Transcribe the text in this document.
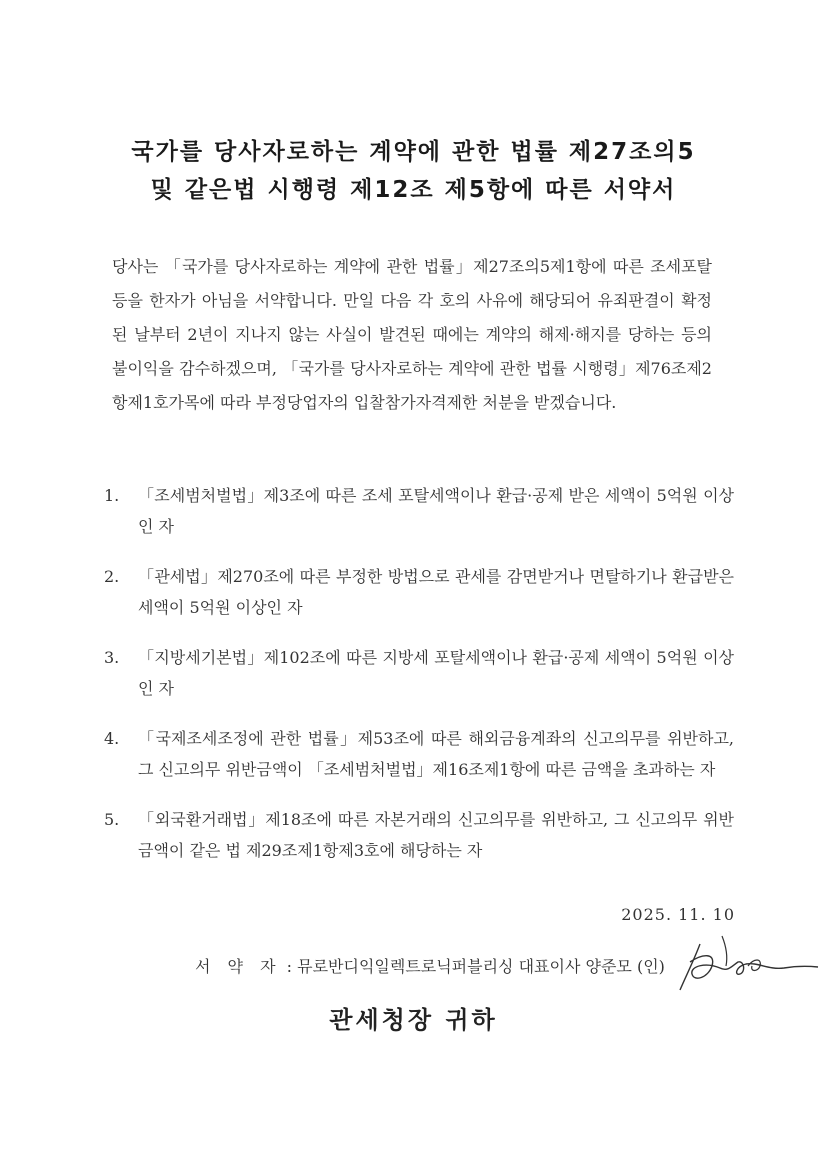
국가를 당사자로하는 계약에 관한 법률 제27조의5
및 같은법 시행령 제12조 제5항에 따른 서약서

당사는 「국가를 당사자로하는 계약에 관한 법률」제27조의5제1항에 따른 조세포탈등을 한자가 아님을 서약합니다. 만일 다음 각 호의 사유에 해당되어 유죄판결이 확정된 날부터 2년이 지나지 않는 사실이 발견된 때에는 계약의 해제·해지를 당하는 등의 불이익을 감수하겠으며, 「국가를 당사자로하는 계약에 관한 법률 시행령」제76조제2항제1호가목에 따라 부정당업자의 입찰참가자격제한 처분을 받겠습니다.

1.	「조세범처벌법」제3조에 따른 조세 포탈세액이나 환급·공제 받은 세액이 5억원 이상인 자
2.	「관세법」제270조에 따른 부정한 방법으로 관세를 감면받거나 면탈하기나 환급받은 세액이 5억원 이상인 자
3.	「지방세기본법」제102조에 따른 지방세 포탈세액이나 환급·공제 세액이 5억원 이상인 자
4.	「국제조세조정에 관한 법률」제53조에 따른 해외금융계좌의 신고의무를 위반하고, 그 신고의무 위반금액이 「조세범처벌법」제16조제1항에 따른 금액을 초과하는 자
5.	「외국환거래법」제18조에 따른 자본거래의 신고의무를 위반하고, 그 신고의무 위반금액이 같은 법 제29조제1항제3호에 해당하는 자
2025. 11. 10
서 약 자 : 뮤로반디익일렉트로닉퍼블리싱 대표이사 양준모 (인)
관세청장 귀하
